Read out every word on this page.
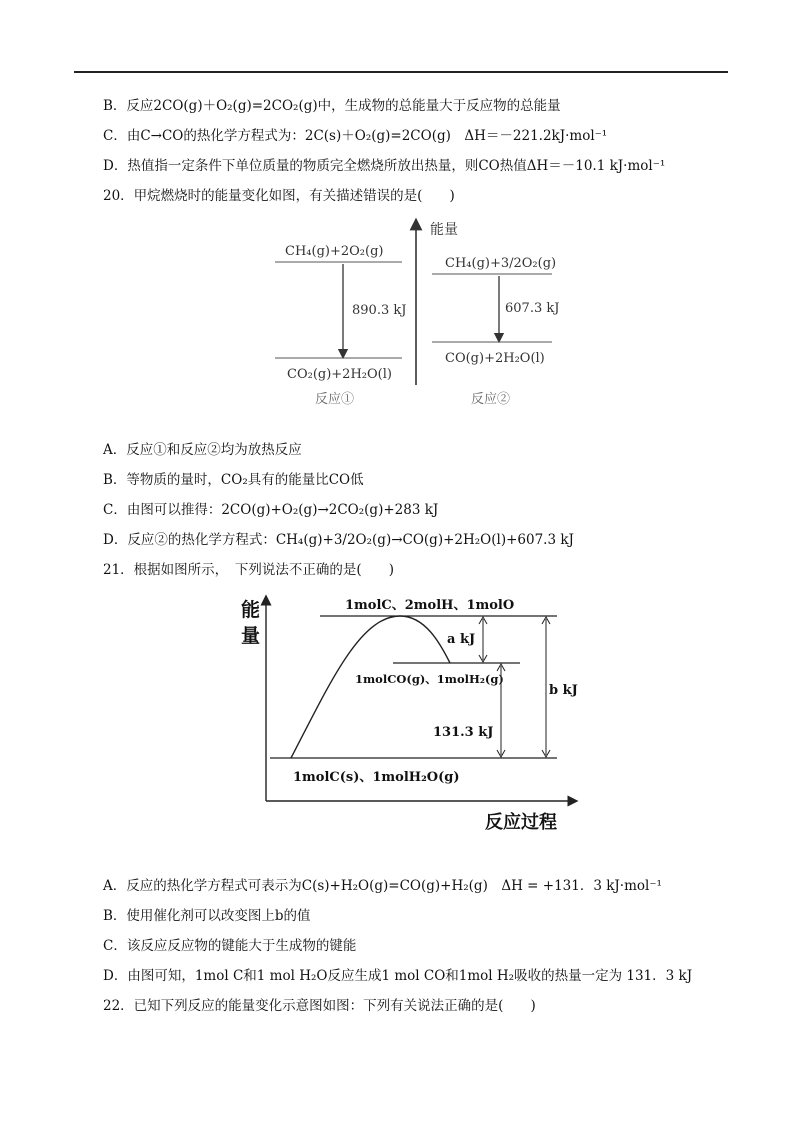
B．反应2CO(g)＋O₂(g)=2CO₂(g)中，生成物的总能量大于反应物的总能量
C．由C→CO的热化学方程式为：2C(s)＋O₂(g)=2CO(g)　ΔH＝－221.2kJ·mol⁻¹
D．热值指一定条件下单位质量的物质完全燃烧所放出热量，则CO热值ΔH＝－10.1 kJ·mol⁻¹
20．甲烷燃烧时的能量变化如图，有关描述错误的是(　　)
能量
CH₄(g)+2O₂(g)
890.3 kJ
CO₂(g)+2H₂O(l)
反应①
CH₄(g)+3/2O₂(g)
607.3 kJ
CO(g)+2H₂O(l)
反应②
A．反应①和反应②均为放热反应
B．等物质的量时，CO₂具有的能量比CO低
C．由图可以推得：2CO(g)+O₂(g)→2CO₂(g)+283 kJ
D．反应②的热化学方程式：CH₄(g)+3/2O₂(g)→CO(g)+2H₂O(l)+607.3 kJ
21．根据如图所示，　下列说法不正确的是(　　)
能
量
反应过程
1molC、2molH、1molO
1molCO(g)、1molH₂(g)
1molC(s)、1molH₂O(g)
a kJ
131.3 kJ
b kJ
A．反应的热化学方程式可表示为C(s)+H₂O(g)=CO(g)+H₂(g)　ΔH = +131．3 kJ·mol⁻¹
B．使用催化剂可以改变图上b的值
C．该反应反应物的键能大于生成物的键能
D．由图可知，1mol C和1 mol H₂O反应生成1 mol CO和1mol H₂吸收的热量一定为 131．3 kJ
22．已知下列反应的能量变化示意图如图：下列有关说法正确的是(　　)
